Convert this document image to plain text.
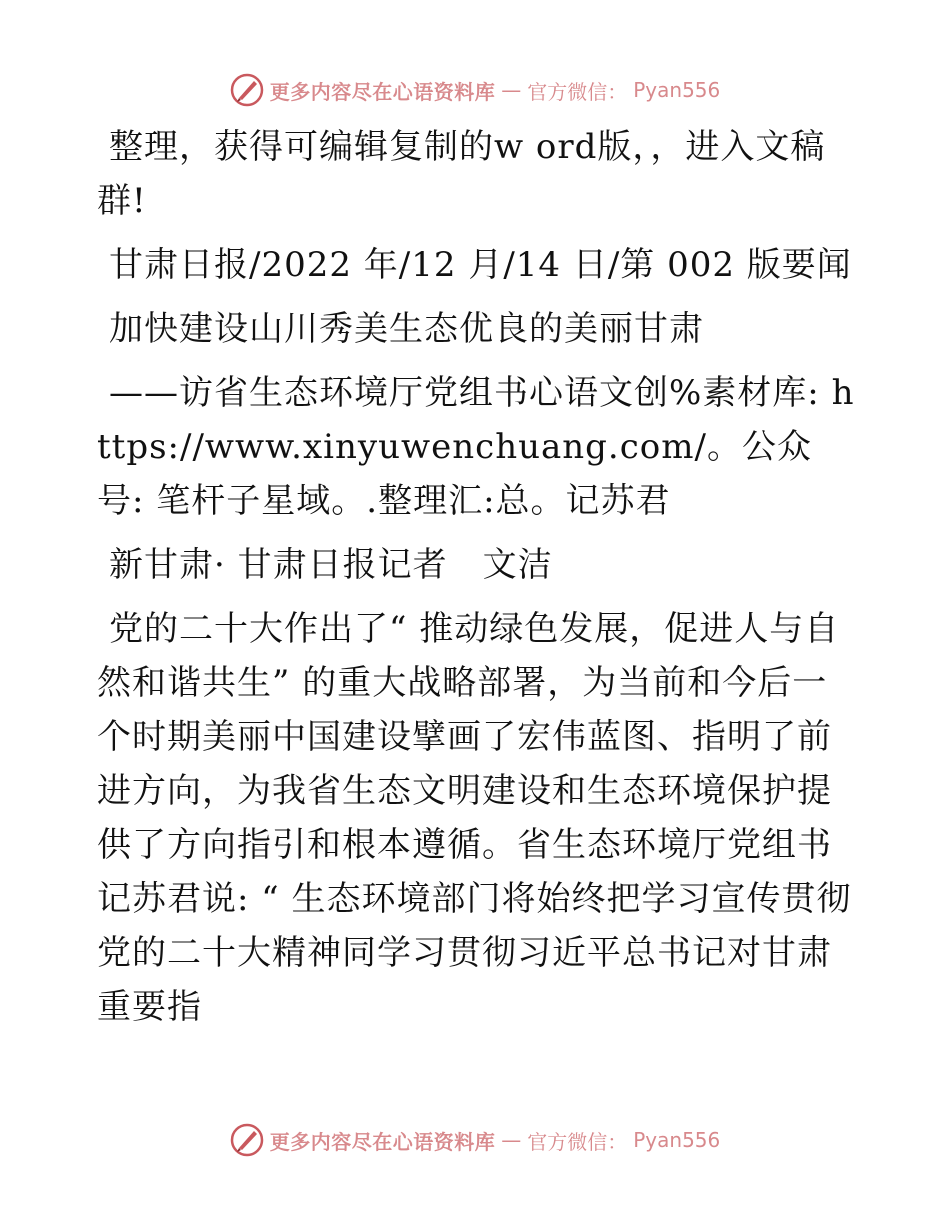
更多内容尽在心语资料库 — 官方微信： Pyan556

整理，获得可编辑复制的w ord版，，进入文稿群!

甘肃日报/2022 年/12 月/14 日/第 002 版要闻

加快建设山川秀美生态优良的美丽甘肃

——访省生态环境厅党组书心语文创%素材库: https://www.xinyuwenchuang.com/。公众号: 笔杆子星域。.整理汇:总。记苏君

新甘肃· 甘肃日报记者　文洁

党的二十大作出了“ 推动绿色发展，促进人与自然和谐共生” 的重大战略部署，为当前和今后一个时期美丽中国建设擘画了宏伟蓝图、指明了前进方向，为我省生态文明建设和生态环境保护提供了方向指引和根本遵循。省生态环境厅党组书记苏君说: “ 生态环境部门将始终把学习宣传贯彻党的二十大精神同学习贯彻习近平总书记对甘肃重要指

更多内容尽在心语资料库 — 官方微信： Pyan556
